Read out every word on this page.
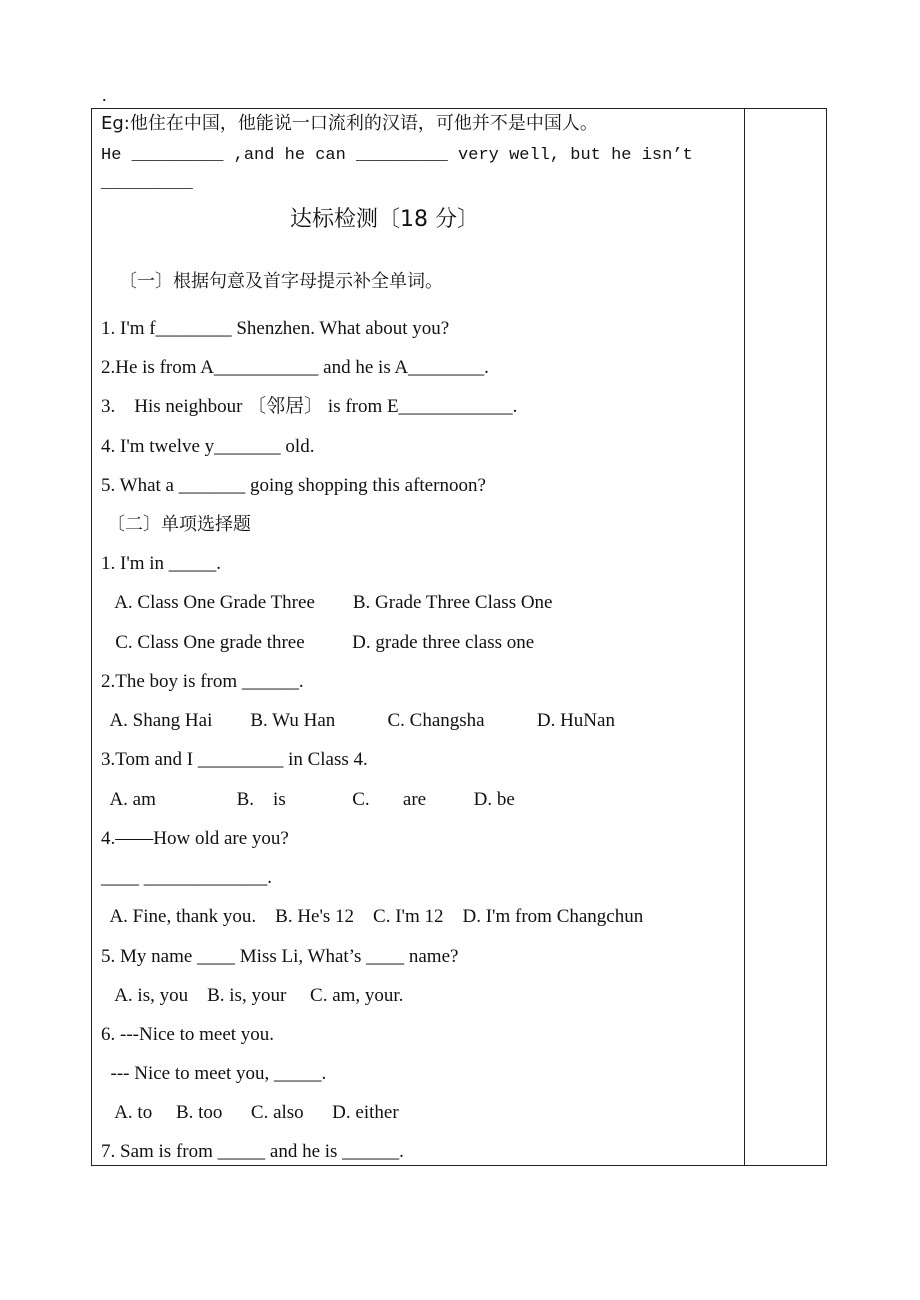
.
Eg:他住在中国，他能说一口流利的汉语，可他并不是中国人。
He _________ ,and he can _________ very well, but he isn’t
_________
达标检测〔18 分〕
〔一〕根据句意及首字母提示补全单词。
1. I'm f________ Shenzhen. What about you?
2.He is from A___________ and he is A________.
3.    His neighbour 〔邻居〕 is from E____________.
4. I'm twelve y_______ old.
5. What a _______ going shopping this afternoon?
〔二〕单项选择题
1. I'm in _____.
A. Class One Grade Three        B. Grade Three Class One
C. Class One grade three          D. grade three class one
2.The boy is from ______.
A. Shang Hai        B. Wu Han           C. Changsha           D. HuNan
3.Tom and I _________ in Class 4.
A. am                 B.    is              C.       are          D. be
4.——How old are you?
____ _____________.
A. Fine, thank you.    B. He's 12    C. I'm 12    D. I'm from Changchun
5. My name ____ Miss Li, What’s ____ name?
A. is, you    B. is, your     C. am, your.
6. ---Nice to meet you.
--- Nice to meet you, _____.
A. to     B. too      C. also      D. either
7. Sam is from _____ and he is ______.
